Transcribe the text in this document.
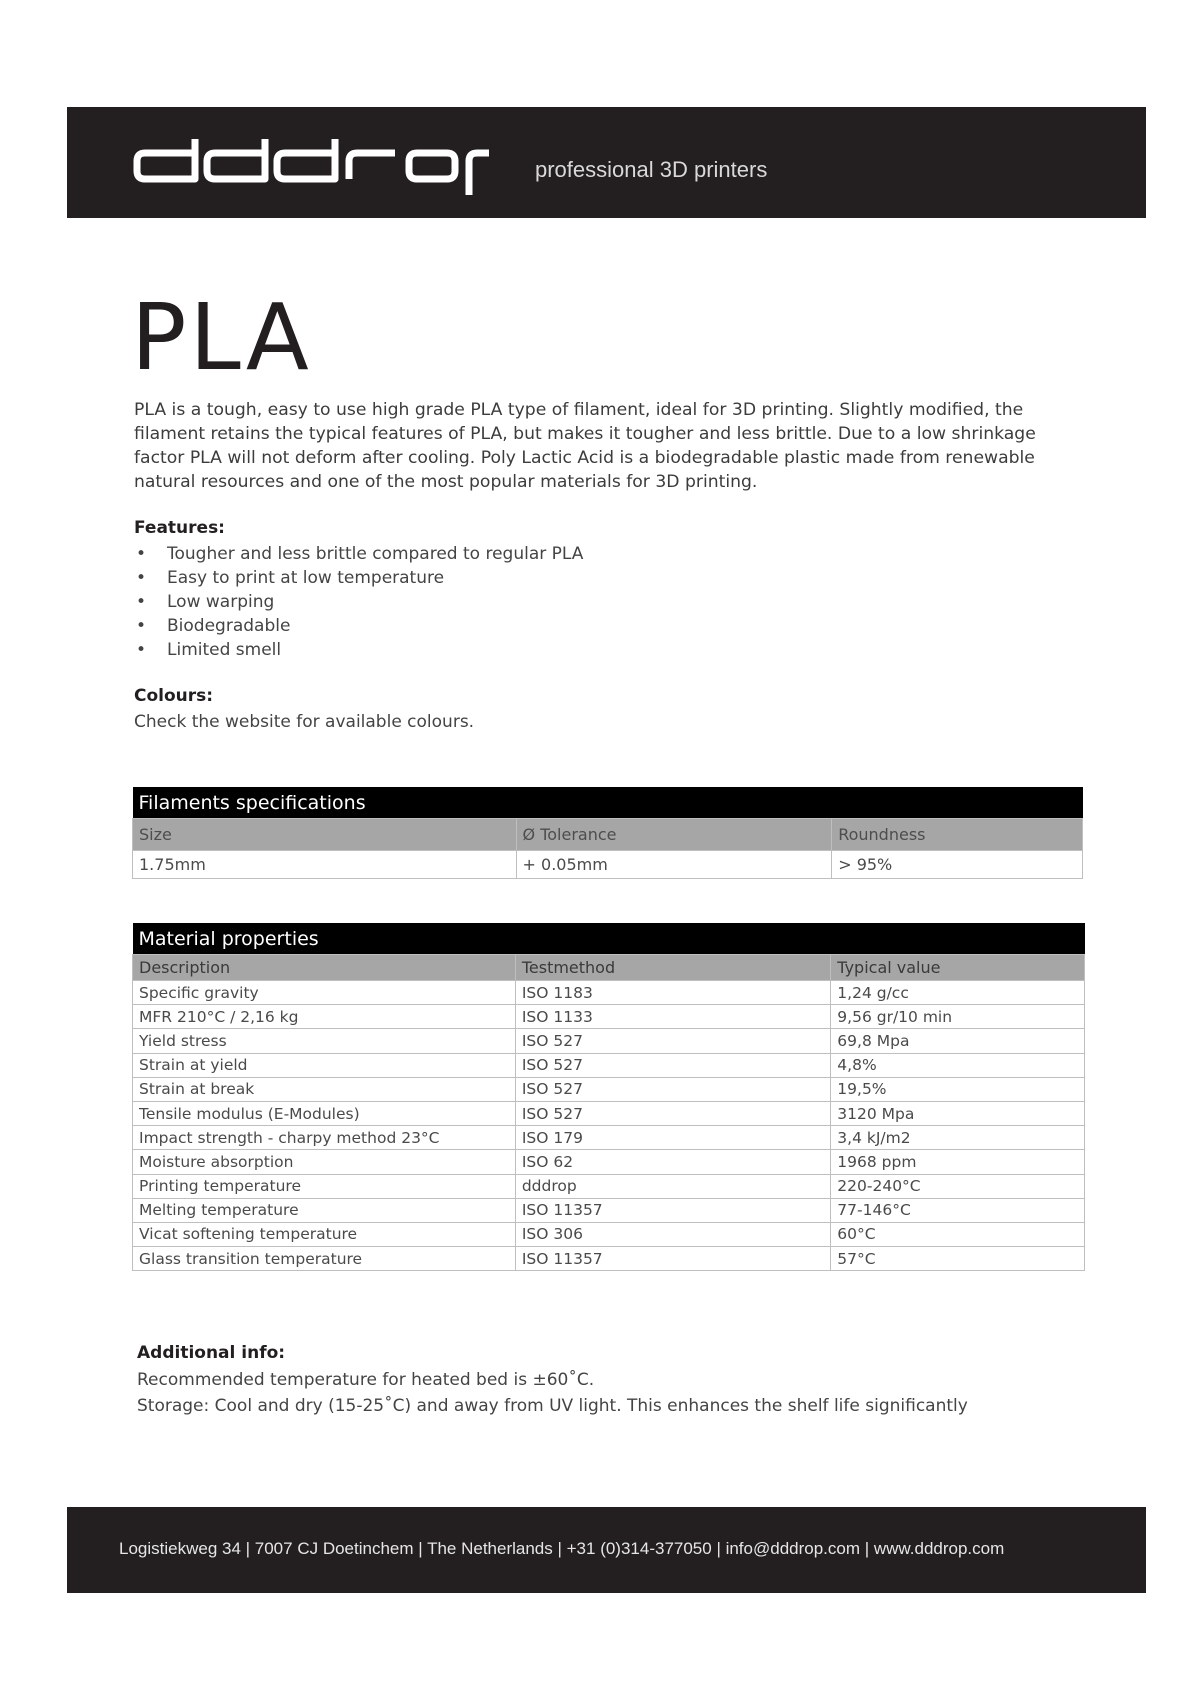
professional 3D printers
PLA

PLA is a tough, easy to use high grade PLA type of filament, ideal for 3D printing. Slightly modified, the filament retains the typical features of PLA, but makes it tougher and less brittle. Due to a low shrinkage factor PLA will not deform after cooling. Poly Lactic Acid is a biodegradable plastic made from renewable natural resources and one of the most popular materials for 3D printing.

Features:
• Tougher and less brittle compared to regular PLA
• Easy to print at low temperature
• Low warping
• Biodegradable
• Limited smell
Colours:

Check the website for available colours.

Filaments specifications		
Size	Ø Tolerance	Roundness
1.75mm	+ 0.05mm	> 95%
Material properties		
Description	Testmethod	Typical value
Specific gravity	ISO 1183	1,24 g/cc
MFR 210°C / 2,16 kg	ISO 1133	9,56 gr/10 min
Yield stress	ISO 527	69,8 Mpa
Strain at yield	ISO 527	4,8%
Strain at break	ISO 527	19,5%
Tensile modulus (E-Modules)	ISO 527	3120 Mpa
Impact strength - charpy method 23°C	ISO 179	3,4 kJ/m2
Moisture absorption	ISO 62	1968 ppm
Printing temperature	dddrop	220-240°C
Melting temperature	ISO 11357	77-146°C
Vicat softening temperature	ISO 306	60°C
Glass transition temperature	ISO 11357	57°C
Additional info:

Recommended temperature for heated bed is ±60˚C.

Storage: Cool and dry (15-25˚C) and away from UV light. This enhances the shelf life significantly

Logistiekweg 34 | 7007 CJ Doetinchem | The Netherlands | +31 (0)314-377050 | info@dddrop.com | www.dddrop.com
